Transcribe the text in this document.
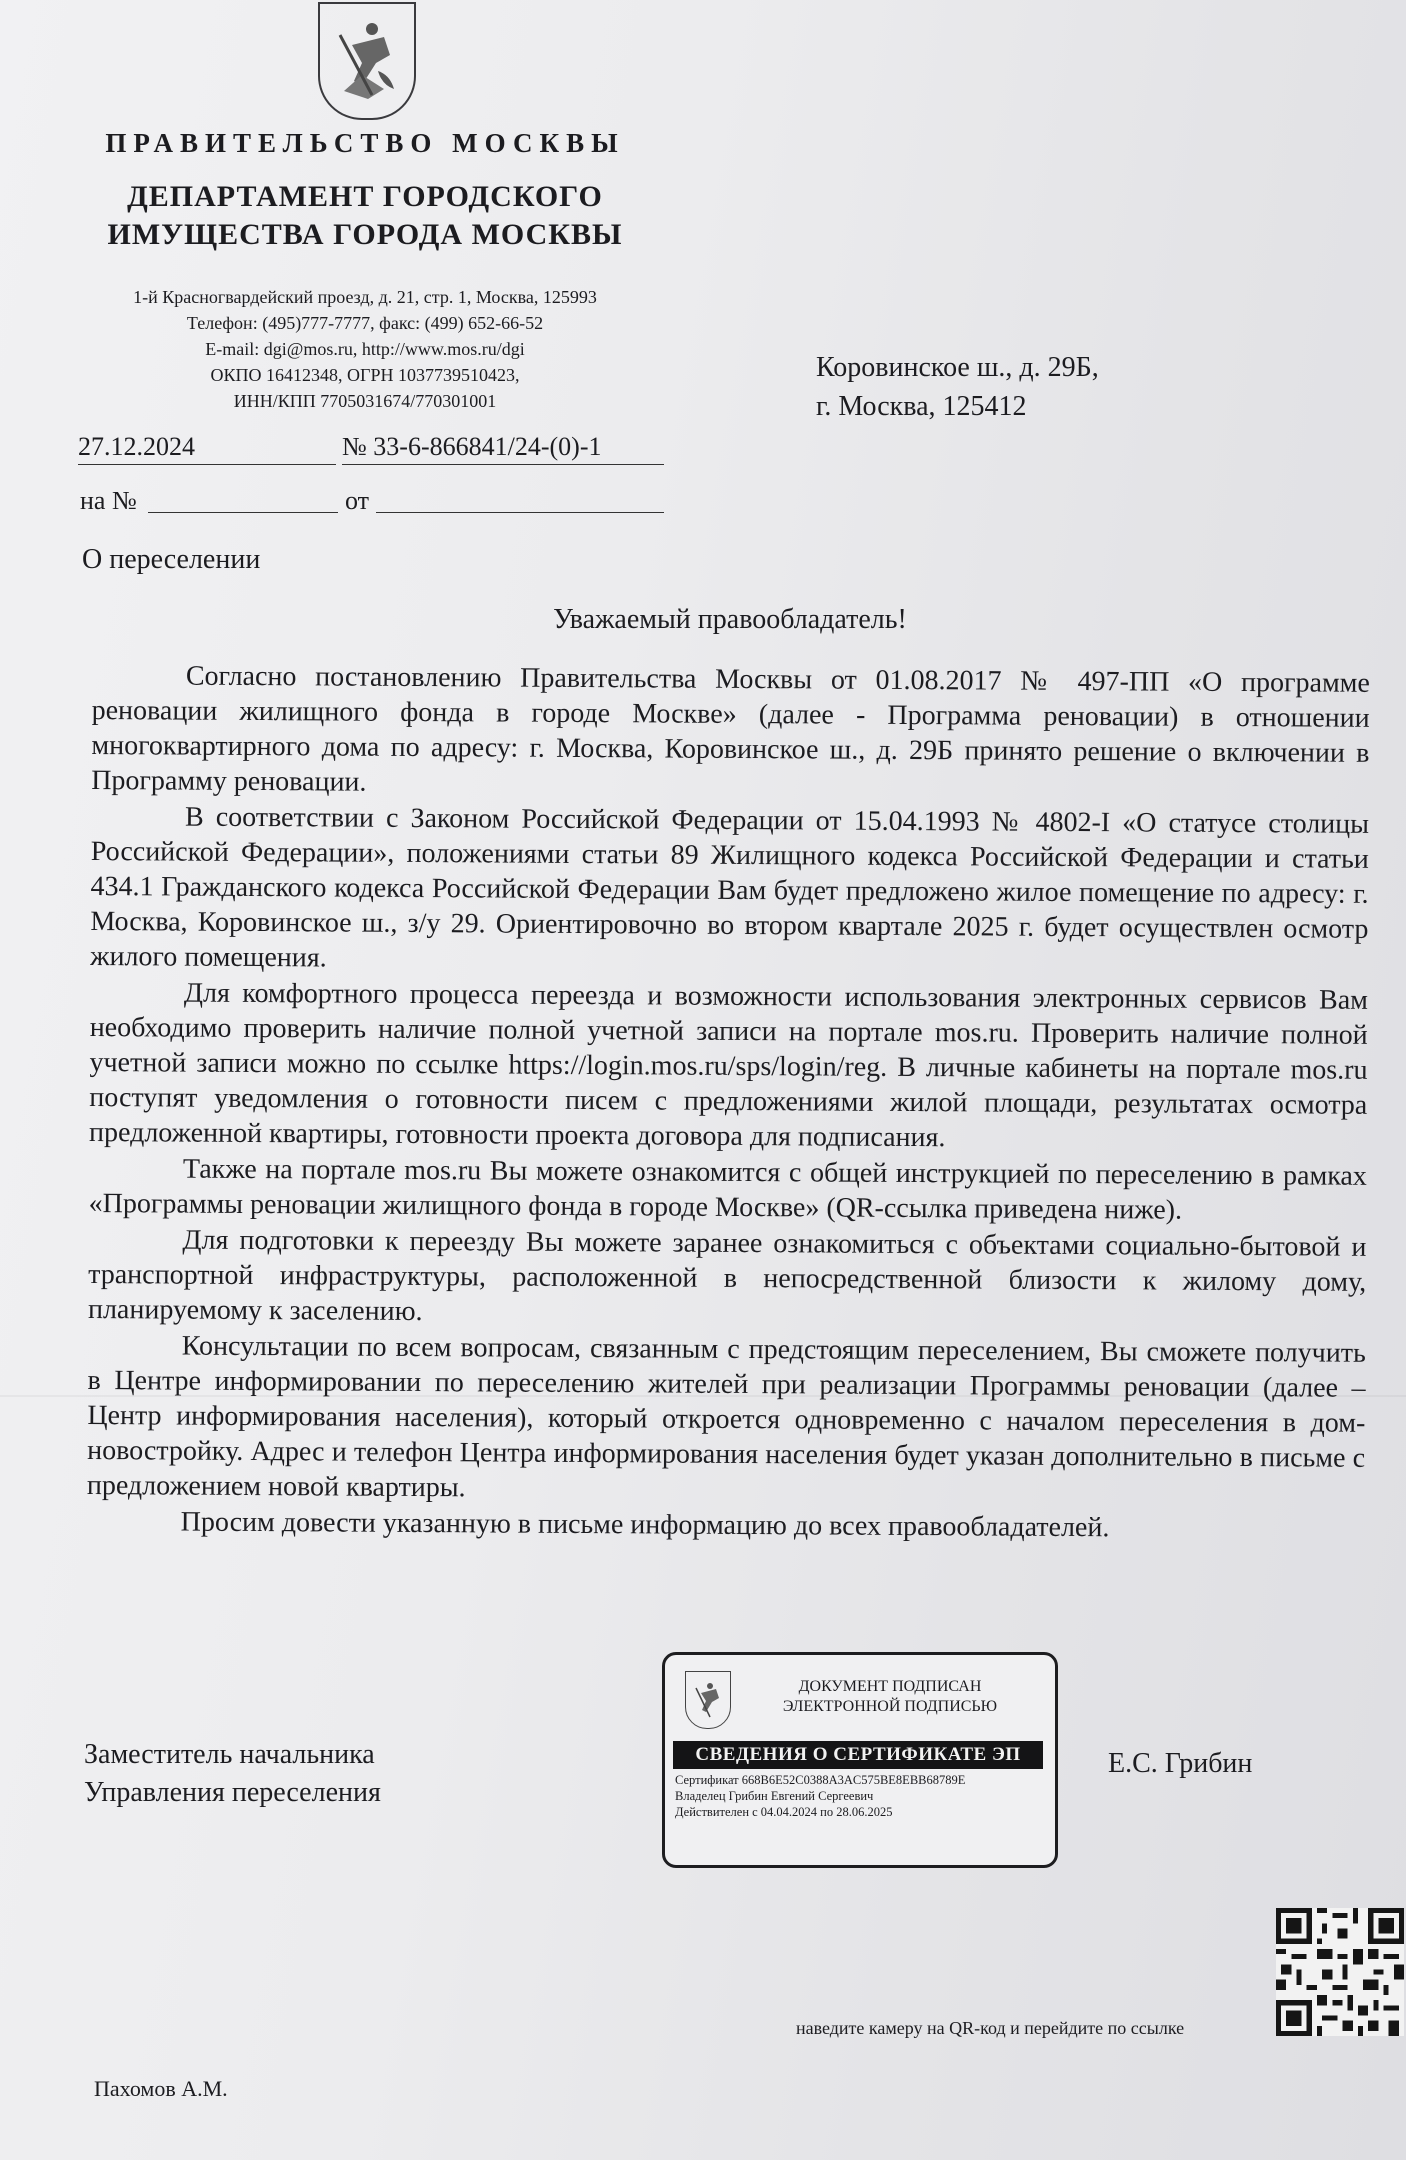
ПРАВИТЕЛЬСТВО МОСКВЫ
ДЕПАРТАМЕНТ ГОРОДСКОГО
ИМУЩЕСТВА ГОРОДА МОСКВЫ
1-й Красногвардейский проезд, д. 21, стр. 1, Москва, 125993
Телефон: (495)777-7777, факс: (499) 652-66-52
E-mail: dgi@mos.ru, http://www.mos.ru/dgi
ОКПО 16412348, ОГРН 1037739510423,
ИНН/КПП 7705031674/770301001
Коровинское ш., д. 29Б,
г. Москва, 125412
27.12.2024	№ 33-6-866841/24-(0)-1
на №	от
О переселении
Уважаемый правообладатель!

Согласно постановлению Правительства Москвы от 01.08.2017 № 497-ПП «О программе реновации жилищного фонда в городе Москве» (далее - Программа реновации) в отношении многоквартирного дома по адресу: г. Москва, Коровинское ш., д. 29Б принято решение о включении в Программу реновации.

В соответствии с Законом Российской Федерации от 15.04.1993 № 4802-I «О статусе столицы Российской Федерации», положениями статьи 89 Жилищного кодекса Российской Федерации и статьи 434.1 Гражданского кодекса Российской Федерации Вам будет предложено жилое помещение по адресу: г. Москва, Коровинское ш., з/у 29. Ориентировочно во втором квартале 2025 г. будет осуществлен осмотр жилого помещения.

Для комфортного процесса переезда и возможности использования электронных сервисов Вам необходимо проверить наличие полной учетной записи на портале mos.ru. Проверить наличие полной учетной записи можно по ссылке https://login.mos.ru/sps/login/reg. В личные кабинеты на портале mos.ru поступят уведомления о готовности писем с предложениями жилой площади, результатах осмотра предложенной квартиры, готовности проекта договора для подписания.

Также на портале mos.ru Вы можете ознакомится с общей инструкцией по переселению в рамках «Программы реновации жилищного фонда в городе Москве» (QR-ссылка приведена ниже).

Для подготовки к переезду Вы можете заранее ознакомиться с объектами социально-бытовой и транспортной инфраструктуры, расположенной в непосредственной близости к жилому дому, планируемому к заселению.

Консультации по всем вопросам, связанным с предстоящим переселением, Вы сможете получить в Центре информировании по переселению жителей при реализации Программы реновации (далее – Центр информирования населения), который откроется одновременно с началом переселения в дом-новостройку. Адрес и телефон Центра информирования населения будет указан дополнительно в письме с предложением новой квартиры.

Просим довести указанную в письме информацию до всех правообладателей.

Заместитель начальника
Управления переселения
ДОКУМЕНТ ПОДПИСАН
ЭЛЕКТРОННОЙ ПОДПИСЬЮ
СВЕДЕНИЯ О СЕРТИФИКАТЕ ЭП
Сертификат 668B6E52C0388A3AC575BE8EBB68789E
Владелец Грибин Евгений Сергеевич
Действителен с 04.04.2024 по 28.06.2025
Е.С. Грибин
наведите камеру на QR-код и перейдите по ссылке
Пахомов А.М.
